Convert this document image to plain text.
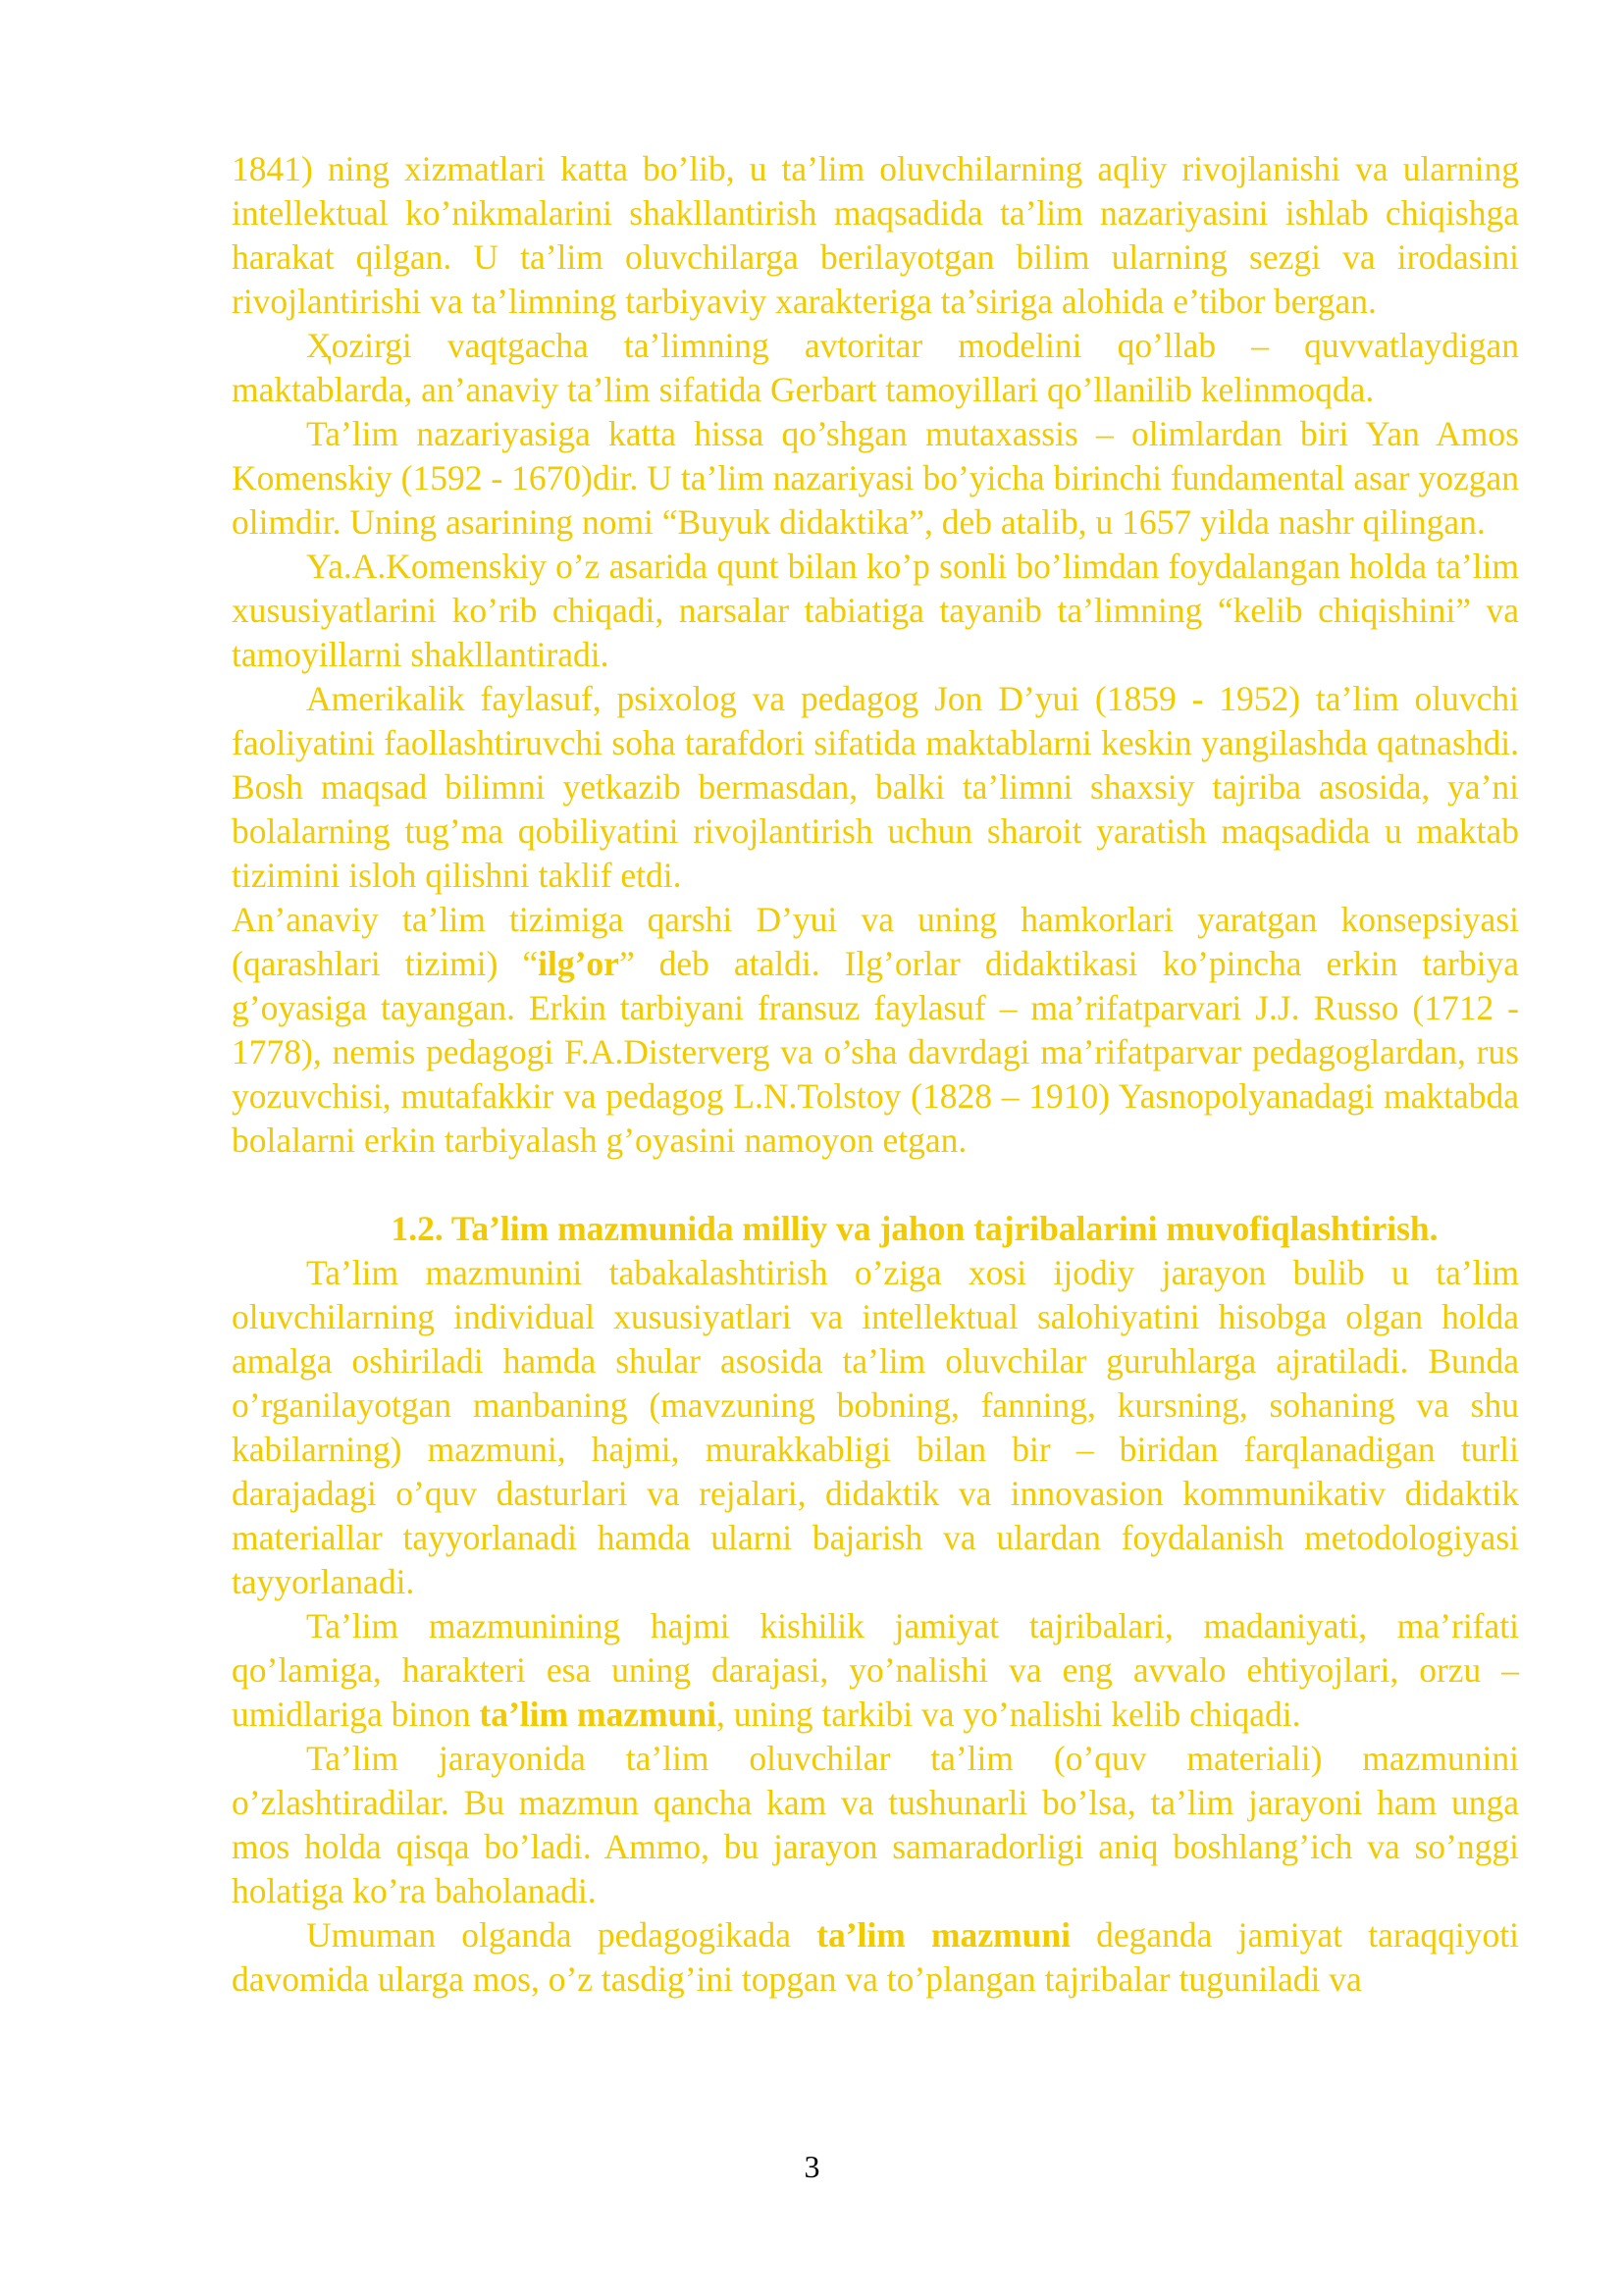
1841) ning xizmatlari katta bo’lib, u ta’lim oluvchilarning aqliy rivojlanishi va ularning intellektual ko’nikmalarini shakllantirish maqsadida ta’lim nazariyasini ishlab chiqishga harakat qilgan. U ta’lim oluvchilarga berilayotgan bilim ularning sezgi va irodasini rivojlantirishi va ta’limning tarbiyaviy xarakteriga ta’siriga alohida e’tibor bergan.

Ҳozirgi vaqtgacha ta’limning avtoritar modelini qo’llab – quvvatlaydigan maktablarda, an’anaviy ta’lim sifatida Gerbart tamoyillari qo’llanilib kelinmoqda.

Ta’lim nazariyasiga katta hissa qo’shgan mutaxassis – olimlardan biri Yan Amos Komenskiy (1592 - 1670)dir. U ta’lim nazariyasi bo’yicha birinchi fundamental asar yozgan olimdir. Uning asarining nomi “Buyuk didaktika”, deb atalib, u 1657 yilda nashr qilingan.

Ya.A.Komenskiy o’z asarida qunt bilan ko’p sonli bo’limdan foydalangan holda ta’lim xususiyatlarini ko’rib chiqadi, narsalar tabiatiga tayanib ta’limning “kelib chiqishini” va tamoyillarni shakllantiradi.

Amerikalik faylasuf, psixolog va pedagog Jon D’yui (1859 - 1952) ta’lim oluvchi faoliyatini faollashtiruvchi soha tarafdori sifatida maktablarni keskin yangilashda qatnashdi. Bosh maqsad bilimni yetkazib bermasdan, balki ta’limni shaxsiy tajriba asosida, ya’ni bolalarning tug’ma qobiliyatini rivojlantirish uchun sharoit yaratish maqsadida u maktab tizimini isloh qilishni taklif etdi.

An’anaviy ta’lim tizimiga qarshi D’yui va uning hamkorlari yaratgan konsepsiyasi (qarashlari tizimi) “ilg’or” deb ataldi. Ilg’orlar didaktikasi ko’pincha erkin tarbiya g’oyasiga tayangan. Erkin tarbiyani fransuz faylasuf – ma’rifatparvari J.J. Russo (1712 - 1778), nemis pedagogi F.A.Disterverg va o’sha davrdagi ma’rifatparvar pedagoglardan, rus yozuvchisi, mutafakkir va pedagog L.N.Tolstoy (1828 – 1910) Yasnopolyanadagi maktabda bolalarni erkin tarbiyalash g’oyasini namoyon etgan.

1.2. Ta’lim mazmunida milliy va jahon tajribalarini muvofiqlashtirish.

Ta’lim mazmunini tabakalashtirish o’ziga xosi ijodiy jarayon bulib u ta’lim oluvchilarning individual xususiyatlari va intellektual salohiyatini hisobga olgan holda amalga oshiriladi hamda shular asosida ta’lim oluvchilar guruhlarga ajratiladi. Bunda o’rganilayotgan manbaning (mavzuning bobning, fanning, kursning, sohaning va shu kabilarning) mazmuni, hajmi, murakkabligi bilan bir – biridan farqlanadigan turli darajadagi o’quv dasturlari va rejalari, didaktik va innovasion kommunikativ didaktik materiallar tayyorlanadi hamda ularni bajarish va ulardan foydalanish metodologiyasi tayyorlanadi.

Ta’lim mazmunining hajmi kishilik jamiyat tajribalari, madaniyati, ma’rifati qo’lamiga, harakteri esa uning darajasi, yo’nalishi va eng avvalo ehtiyojlari, orzu – umidlariga binon ta’lim mazmuni, uning tarkibi va yo’nalishi kelib chiqadi.

Ta’lim jarayonida ta’lim oluvchilar ta’lim (o’quv materiali) mazmunini o’zlashtiradilar. Bu mazmun qancha kam va tushunarli bo’lsa, ta’lim jarayoni ham unga mos holda qisqa bo’ladi. Ammo, bu jarayon samaradorligi aniq boshlang’ich va so’nggi holatiga ko’ra baholanadi.

Umuman olganda pedagogikada ta’lim mazmuni deganda jamiyat taraqqiyoti davomida ularga mos, o’z tasdig’ini topgan va to’plangan tajribalar tuguniladi va

3
